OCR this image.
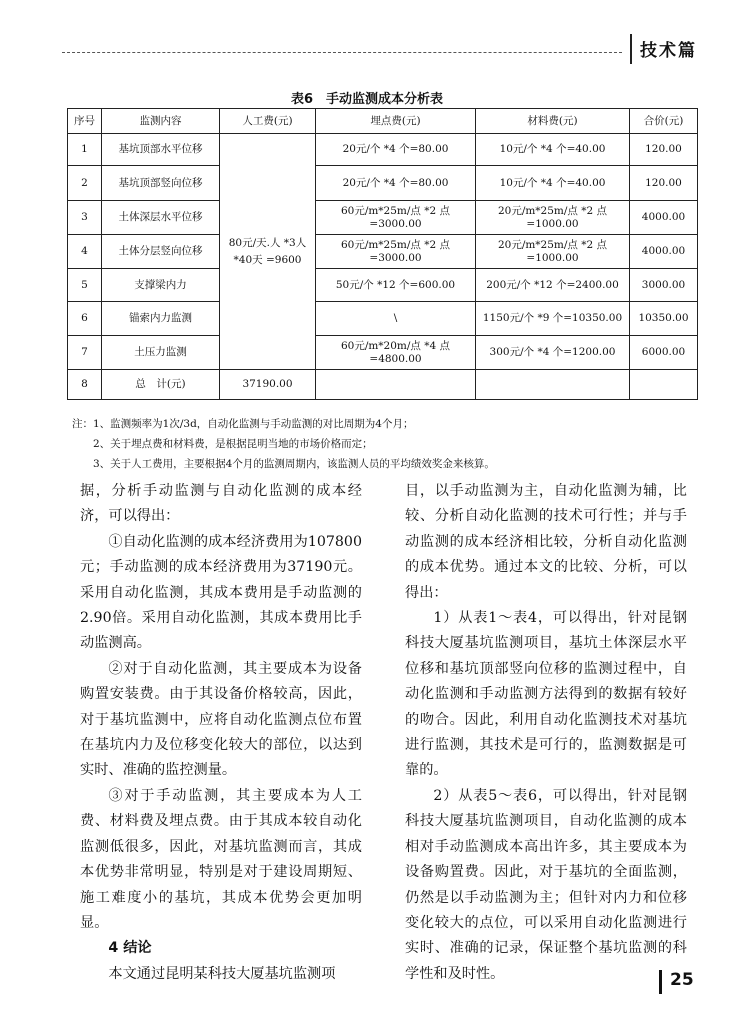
技术篇
表6　手动监测成本分析表
序号	监测内容	人工费(元)	埋点费(元)	材料费(元)	合价(元)
1	基坑顶部水平位移	80元/天.人 *3人*40天 =9600	20元/个 *4 个=80.00	10元/个 *4 个=40.00	120.00
2	基坑顶部竖向位移		20元/个 *4 个=80.00	10元/个 *4 个=40.00	120.00
3	土体深层水平位移		60元/m*25m/点 *2 点 =3000.00	20元/m*25m/点 *2 点 =1000.00	4000.00
4	土体分层竖向位移		60元/m*25m/点 *2 点 =3000.00	20元/m*25m/点 *2 点 =1000.00	4000.00
5	支撑梁内力		50元/个 *12 个=600.00	200元/个 *12 个=2400.00	3000.00
6	锚索内力监测		\	1150元/个 *9 个=10350.00	10350.00
7	土压力监测		60元/m*20m/点 *4 点 =4800.00	300元/个 *4 个=1200.00	6000.00
8	总　计(元)	37190.00			
注：1、监测频率为1次/3d，自动化监测与手动监测的对比周期为4个月；
　　2、关于埋点费和材料费，是根据昆明当地的市场价格而定；
　　3、关于人工费用，主要根据4个月的监测周期内，该监测人员的平均绩效奖金来核算。

据，分析手动监测与自动化监测的成本经济，可以得出：

①自动化监测的成本经济费用为107800元；手动监测的成本经济费用为37190元。采用自动化监测，其成本费用是手动监测的2.90倍。采用自动化监测，其成本费用比手动监测高。

②对于自动化监测，其主要成本为设备购置安装费。由于其设备价格较高，因此，对于基坑监测中，应将自动化监测点位布置在基坑内力及位移变化较大的部位，以达到实时、准确的监控测量。

③对于手动监测，其主要成本为人工费、材料费及埋点费。由于其成本较自动化监测低很多，因此，对基坑监测而言，其成本优势非常明显，特别是对于建设周期短、施工难度小的基坑，其成本优势会更加明显。

4 结论

本文通过昆明某科技大厦基坑监测项

目，以手动监测为主，自动化监测为辅，比较、分析自动化监测的技术可行性；并与手动监测的成本经济相比较，分析自动化监测的成本优势。通过本文的比较、分析，可以得出：

1）从表1～表4，可以得出，针对昆钢科技大厦基坑监测项目，基坑土体深层水平位移和基坑顶部竖向位移的监测过程中，自动化监测和手动监测方法得到的数据有较好的吻合。因此，利用自动化监测技术对基坑进行监测，其技术是可行的，监测数据是可靠的。

2）从表5～表6，可以得出，针对昆钢科技大厦基坑监测项目，自动化监测的成本相对手动监测成本高出许多，其主要成本为设备购置费。因此，对于基坑的全面监测，仍然是以手动监测为主；但针对内力和位移变化较大的点位，可以采用自动化监测进行实时、准确的记录，保证整个基坑监测的科学性和及时性。	25
